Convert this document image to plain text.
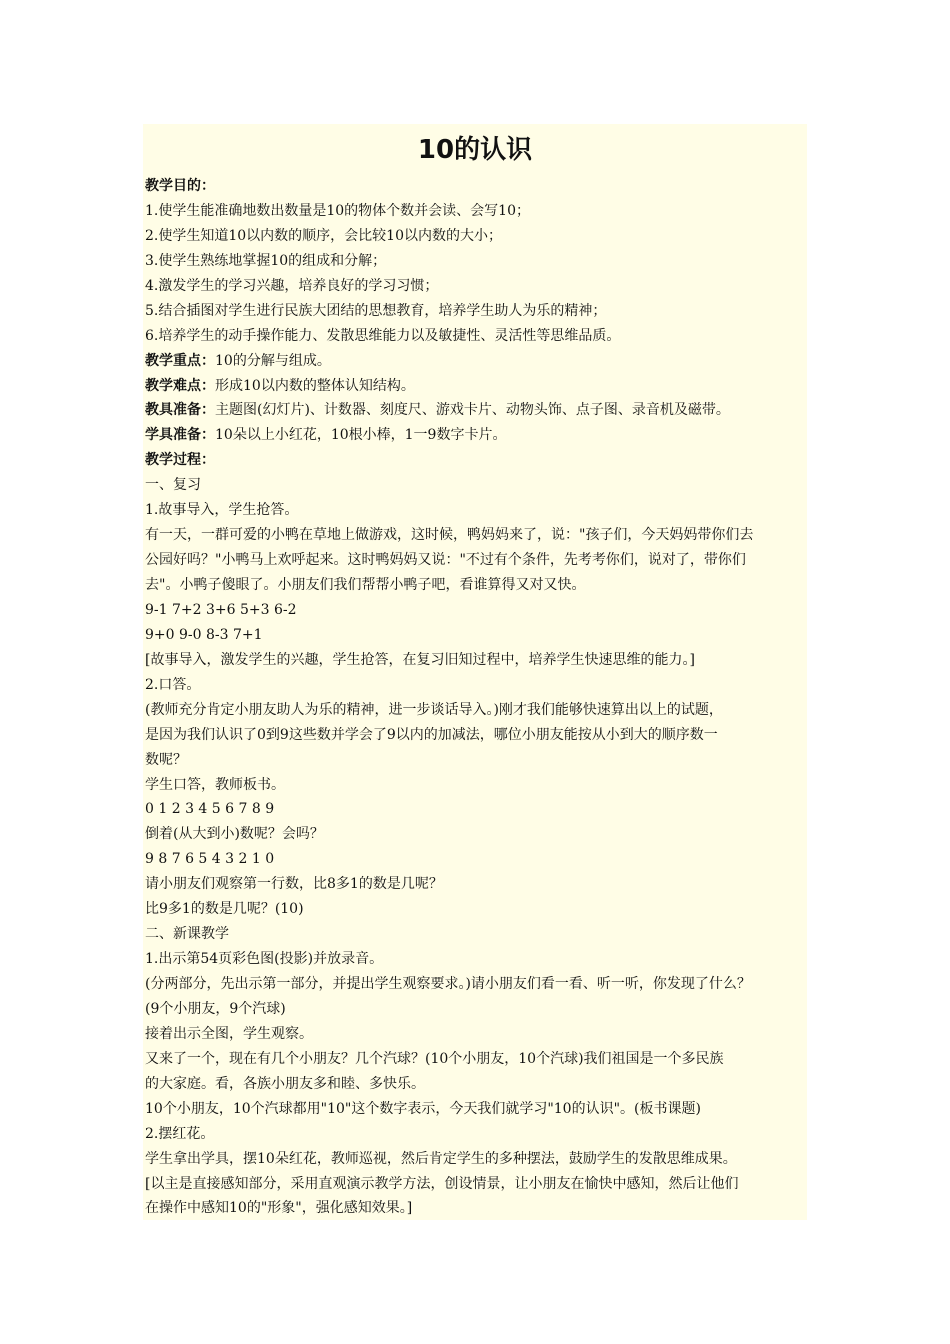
10的认识
教学目的：
1.使学生能准确地数出数量是10的物体个数并会读、会写10；
2.使学生知道10以内数的顺序，会比较10以内数的大小；
3.使学生熟练地掌握10的组成和分解；
4.激发学生的学习兴趣，培养良好的学习习惯；
5.结合插图对学生进行民族大团结的思想教育，培养学生助人为乐的精神；
6.培养学生的动手操作能力、发散思维能力以及敏捷性、灵活性等思维品质。
教学重点：10的分解与组成。
教学难点：形成10以内数的整体认知结构。
教具准备：主题图(幻灯片)、计数器、刻度尺、游戏卡片、动物头饰、点子图、录音机及磁带。
学具准备：10朵以上小红花，10根小棒，1一9数字卡片。
教学过程：
一、复习
1.故事导入，学生抢答。
有一天，一群可爱的小鸭在草地上做游戏，这时候，鸭妈妈来了，说："孩子们，今天妈妈带你们去
公园好吗？"小鸭马上欢呼起来。这时鸭妈妈又说："不过有个条件，先考考你们，说对了，带你们
去"。小鸭子傻眼了。小朋友们我们帮帮小鸭子吧，看谁算得又对又快。
9-1 7+2 3+6 5+3 6-2
9+0 9-0 8-3 7+1
[故事导入，激发学生的兴趣，学生抢答，在复习旧知过程中，培养学生快速思维的能力。]
2.口答。
(教师充分肯定小朋友助人为乐的精神，进一步谈话导入。)刚才我们能够快速算出以上的试题，
是因为我们认识了0到9这些数并学会了9以内的加减法，哪位小朋友能按从小到大的顺序数一
数呢？
学生口答，教师板书。
0 1 2 3 4 5 6 7 8 9
倒着(从大到小)数呢？会吗？
9 8 7 6 5 4 3 2 1 0
请小朋友们观察第一行数，比8多1的数是几呢？
比9多1的数是几呢？(10)
二、新课教学
1.出示第54页彩色图(投影)并放录音。
(分两部分，先出示第一部分，并提出学生观察要求。)请小朋友们看一看、听一听，你发现了什么？
(9个小朋友，9个汽球)
接着出示全图，学生观察。
又来了一个，现在有几个小朋友？几个汽球？(10个小朋友，10个汽球)我们祖国是一个多民族
的大家庭。看，各族小朋友多和睦、多快乐。
10个小朋友，10个汽球都用"10"这个数字表示，今天我们就学习"10的认识"。(板书课题)
2.摆红花。
学生拿出学具，摆10朵红花，教师巡视，然后肯定学生的多种摆法，鼓励学生的发散思维成果。
[以主是直接感知部分，采用直观演示教学方法，创设情景，让小朋友在愉快中感知，然后让他们
在操作中感知10的"形象"，强化感知效果。]
